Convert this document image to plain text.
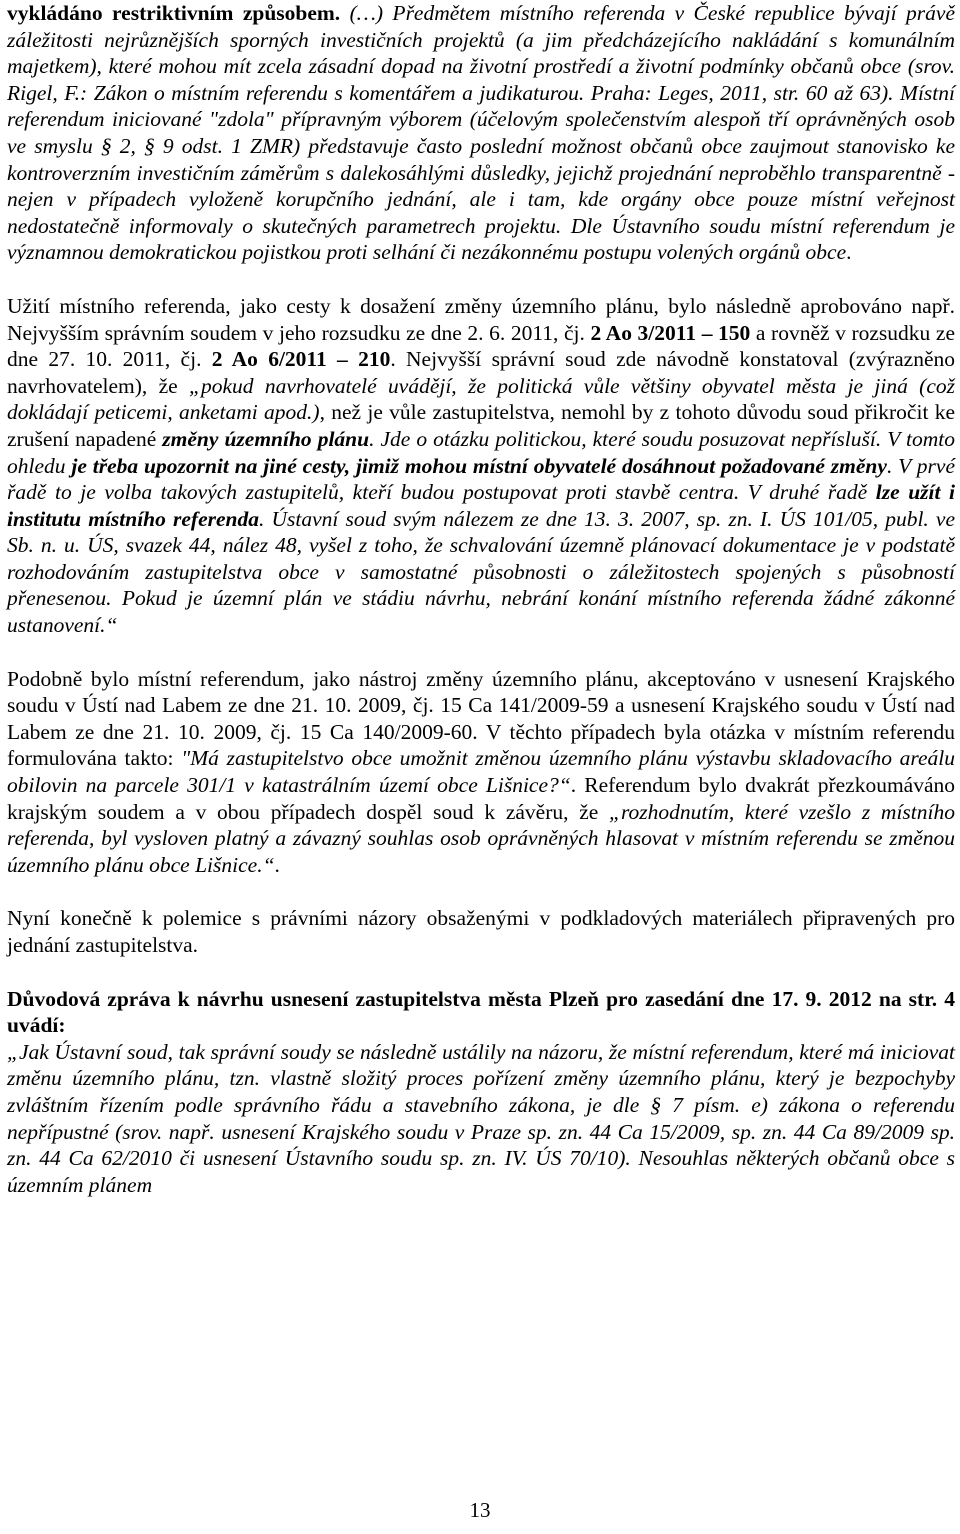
vykládáno restriktivním způsobem. (…) Předmětem místního referenda v České republice bývají právě záležitosti nejrůznějších sporných investičních projektů (a jim předcházejícího nakládání s komunálním majetkem), které mohou mít zcela zásadní dopad na životní prostředí a životní podmínky občanů obce (srov. Rigel, F.: Zákon o místním referendu s komentářem a judikaturou. Praha: Leges, 2011, str. 60 až 63). Místní referendum iniciované "zdola" přípravným výborem (účelovým společenstvím alespoň tří oprávněných osob ve smyslu § 2, § 9 odst. 1 ZMR) představuje často poslední možnost občanů obce zaujmout stanovisko ke kontroverzním investičním záměrům s dalekosáhlými důsledky, jejichž projednání neproběhlo transparentně - nejen v případech vyloženě korupčního jednání, ale i tam, kde orgány obce pouze místní veřejnost nedostatečně informovaly o skutečných parametrech projektu. Dle Ústavního soudu místní referendum je významnou demokratickou pojistkou proti selhání či nezákonnému postupu volených orgánů obce.

Užití místního referenda, jako cesty k dosažení změny územního plánu, bylo následně aprobováno např. Nejvyšším správním soudem v jeho rozsudku ze dne 2. 6. 2011, čj. 2 Ao 3/2011 – 150 a rovněž v rozsudku ze dne 27. 10. 2011, čj. 2 Ao 6/2011 – 210. Nejvyšší správní soud zde návodně konstatoval (zvýrazněno navrhovatelem), že „pokud navrhovatelé uvádějí, že politická vůle většiny obyvatel města je jiná (což dokládají peticemi, anketami apod.), než je vůle zastupitelstva, nemohl by z tohoto důvodu soud přikročit ke zrušení napadené změny územního plánu. Jde o otázku politickou, které soudu posuzovat nepřísluší. V tomto ohledu je třeba upozornit na jiné cesty, jimiž mohou místní obyvatelé dosáhnout požadované změny. V prvé řadě to je volba takových zastupitelů, kteří budou postupovat proti stavbě centra. V druhé řadě lze užít i institutu místního referenda. Ústavní soud svým nálezem ze dne 13. 3. 2007, sp. zn. I. ÚS 101/05, publ. ve Sb. n. u. ÚS, svazek 44, nález 48, vyšel z toho, že schvalování územně plánovací dokumentace je v podstatě rozhodováním zastupitelstva obce v samostatné působnosti o záležitostech spojených s působností přenesenou. Pokud je územní plán ve stádiu návrhu, nebrání konání místního referenda žádné zákonné ustanovení.“

Podobně bylo místní referendum, jako nástroj změny územního plánu, akceptováno v usnesení Krajského soudu v Ústí nad Labem ze dne 21. 10. 2009, čj. 15 Ca 141/2009-59 a usnesení Krajského soudu v Ústí nad Labem ze dne 21. 10. 2009, čj. 15 Ca 140/2009-60. V těchto případech byla otázka v místním referendu formulována takto: "Má zastupitelstvo obce umožnit změnou územního plánu výstavbu skladovacího areálu obilovin na parcele 301/1 v katastrálním území obce Lišnice?“. Referendum bylo dvakrát přezkoumáváno krajským soudem a v obou případech dospěl soud k závěru, že „rozhodnutím, které vzešlo z místního referenda, byl vysloven platný a závazný souhlas osob oprávněných hlasovat v místním referendu se změnou územního plánu obce Lišnice.“.

Nyní konečně k polemice s právními názory obsaženými v podkladových materiálech připravených pro jednání zastupitelstva.

Důvodová zpráva k návrhu usnesení zastupitelstva města Plzeň pro zasedání dne 17. 9. 2012 na str. 4 uvádí:

„Jak Ústavní soud, tak správní soudy se následně ustálily na názoru, že místní referendum, které má iniciovat změnu územního plánu, tzn. vlastně složitý proces pořízení změny územního plánu, který je bezpochyby zvláštním řízením podle správního řádu a stavebního zákona, je dle § 7 písm. e) zákona o referendu nepřípustné (srov. např. usnesení Krajského soudu v Praze sp. zn. 44 Ca 15/2009, sp. zn. 44 Ca 89/2009 sp. zn. 44 Ca 62/2010 či usnesení Ústavního soudu sp. zn. IV. ÚS 70/10). Nesouhlas některých občanů obce s územním plánem

13
